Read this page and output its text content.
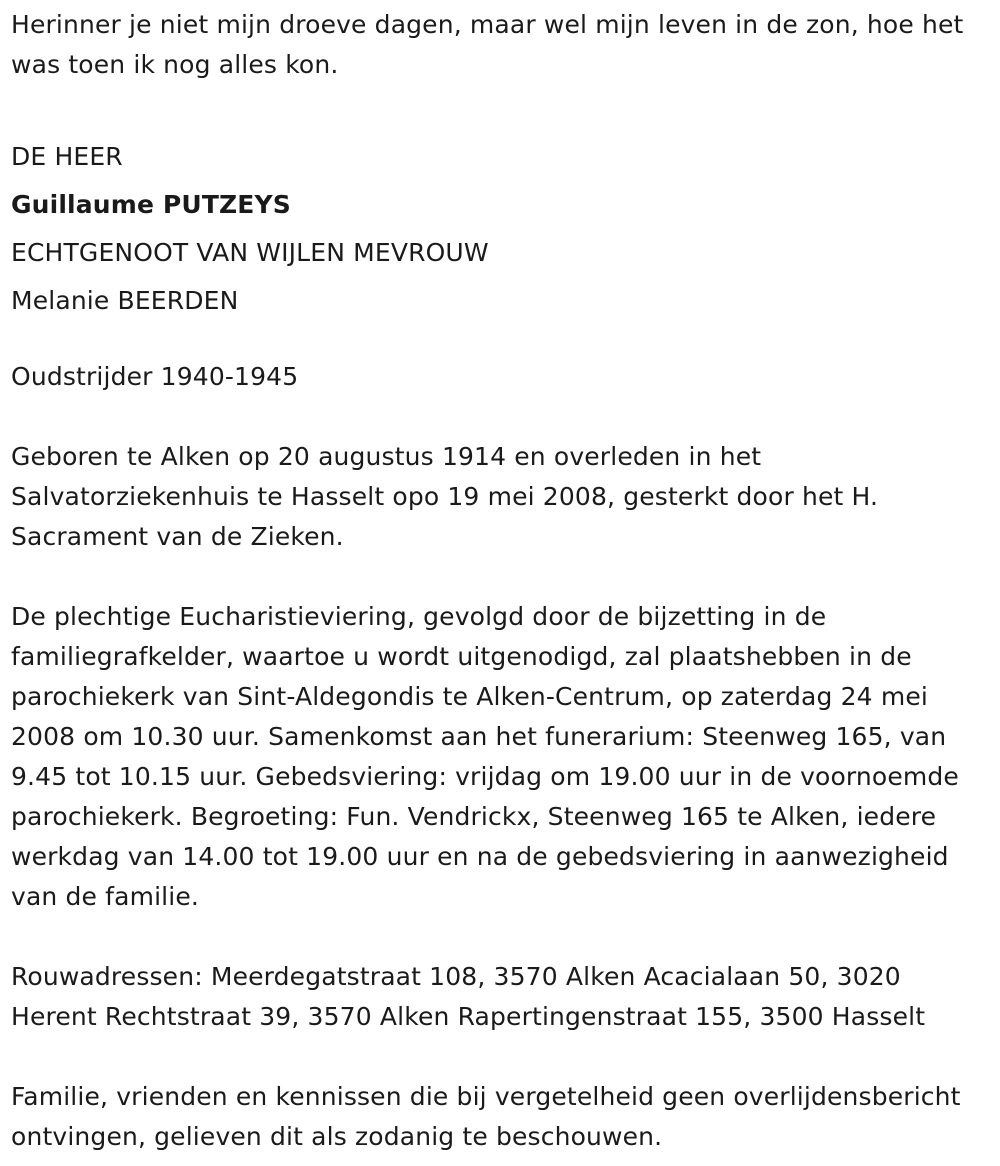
Herinner je niet mijn droeve dagen, maar wel mijn leven in de zon, hoe het was toen ik nog alles kon.

DE HEER

Guillaume PUTZEYS

ECHTGENOOT VAN WIJLEN MEVROUW

Melanie BEERDEN

Oudstrijder 1940-1945

Geboren te Alken op 20 augustus 1914 en overleden in het Salvatorziekenhuis te Hasselt opo 19 mei 2008, gesterkt door het H. Sacrament van de Zieken.

De plechtige Eucharistieviering, gevolgd door de bijzetting in de familiegrafkelder, waartoe u wordt uitgenodigd, zal plaatshebben in de parochiekerk van Sint-Aldegondis te Alken-Centrum, op zaterdag 24 mei 2008 om 10.30 uur. Samenkomst aan het funerarium: Steenweg 165, van 9.45 tot 10.15 uur. Gebedsviering: vrijdag om 19.00 uur in de voornoemde parochiekerk. Begroeting: Fun. Vendrickx, Steenweg 165 te Alken, iedere werkdag van 14.00 tot 19.00 uur en na de gebedsviering in aanwezigheid van de familie.

Rouwadressen: Meerdegatstraat 108, 3570 Alken Acacialaan 50, 3020 Herent Rechtstraat 39, 3570 Alken Rapertingenstraat 155, 3500 Hasselt

Familie, vrienden en kennissen die bij vergetelheid geen overlijdensbericht ontvingen, gelieven dit als zodanig te beschouwen.
